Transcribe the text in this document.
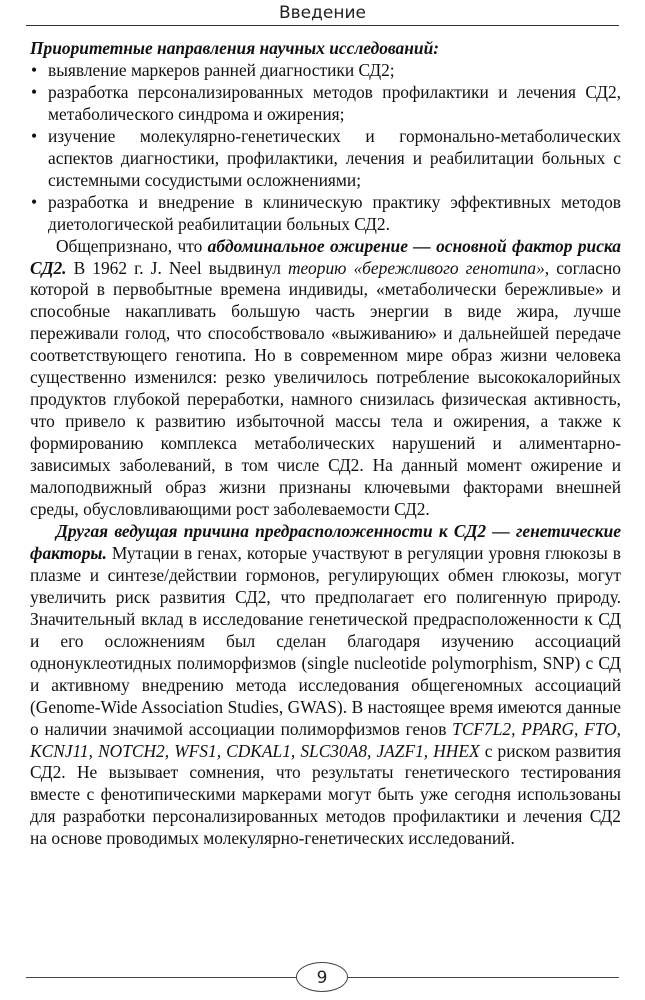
Введение

Приоритетные направления научных исследований:

• выявление маркеров ранней диагностики СД2;
• разработка персонализированных методов профилактики и лечения СД2, метаболического синдрома и ожирения;
• изучение молекулярно-генетических и гормонально-метаболических аспектов диагностики, профилактики, лечения и реабилитации больных с системными сосудистыми осложнениями;
• разработка и внедрение в клиническую практику эффективных методов диетологической реабилитации больных СД2.

Общепризнано, что абдоминальное ожирение — основной фактор риска СД2. В 1962 г. J. Neel выдвинул теорию «бережливого генотипа», согласно которой в первобытные времена индивиды, «метаболически бережливые» и способные накапливать большую часть энергии в виде жира, лучше переживали голод, что способствовало «выживанию» и дальнейшей передаче соответствующего генотипа. Но в современном мире образ жизни человека существенно изменился: резко увеличилось потребление высококалорийных продуктов глубокой переработки, намного снизилась физическая активность, что привело к развитию избыточной массы тела и ожирения, а также к формированию комплекса метаболических нарушений и алиментарно-зависимых заболеваний, в том числе СД2. На данный момент ожирение и малоподвижный образ жизни признаны ключевыми факторами внешней среды, обусловливающими рост заболеваемости СД2.

Другая ведущая причина предрасположенности к СД2 — генетические факторы. Мутации в генах, которые участвуют в регуляции уровня глюкозы в плазме и синтезе/действии гормонов, регулирующих обмен глюкозы, могут увеличить риск развития СД2, что предполагает его полигенную природу. Значительный вклад в исследование генетической предрасположенности к СД и его осложнениям был сделан благодаря изучению ассоциаций однонуклеотидных полиморфизмов (single nucleotide polymorphism, SNP) с СД и активному внедрению метода исследования общегеномных ассоциаций (Genome-Wide Association Studies, GWAS). В настоящее время имеются данные о наличии значимой ассоциации полиморфизмов генов TCF7L2, PPARG, FTO, KCNJ11, NOTCH2, WFS1, CDKAL1, SLC30A8, JAZF1, HHEX с риском развития СД2. Не вызывает сомнения, что результаты генетического тестирования вместе с фенотипическими маркерами могут быть уже сегодня использованы для разработки персонализированных методов профилактики и лечения СД2 на основе проводимых молекулярно-генетических исследований.

9
